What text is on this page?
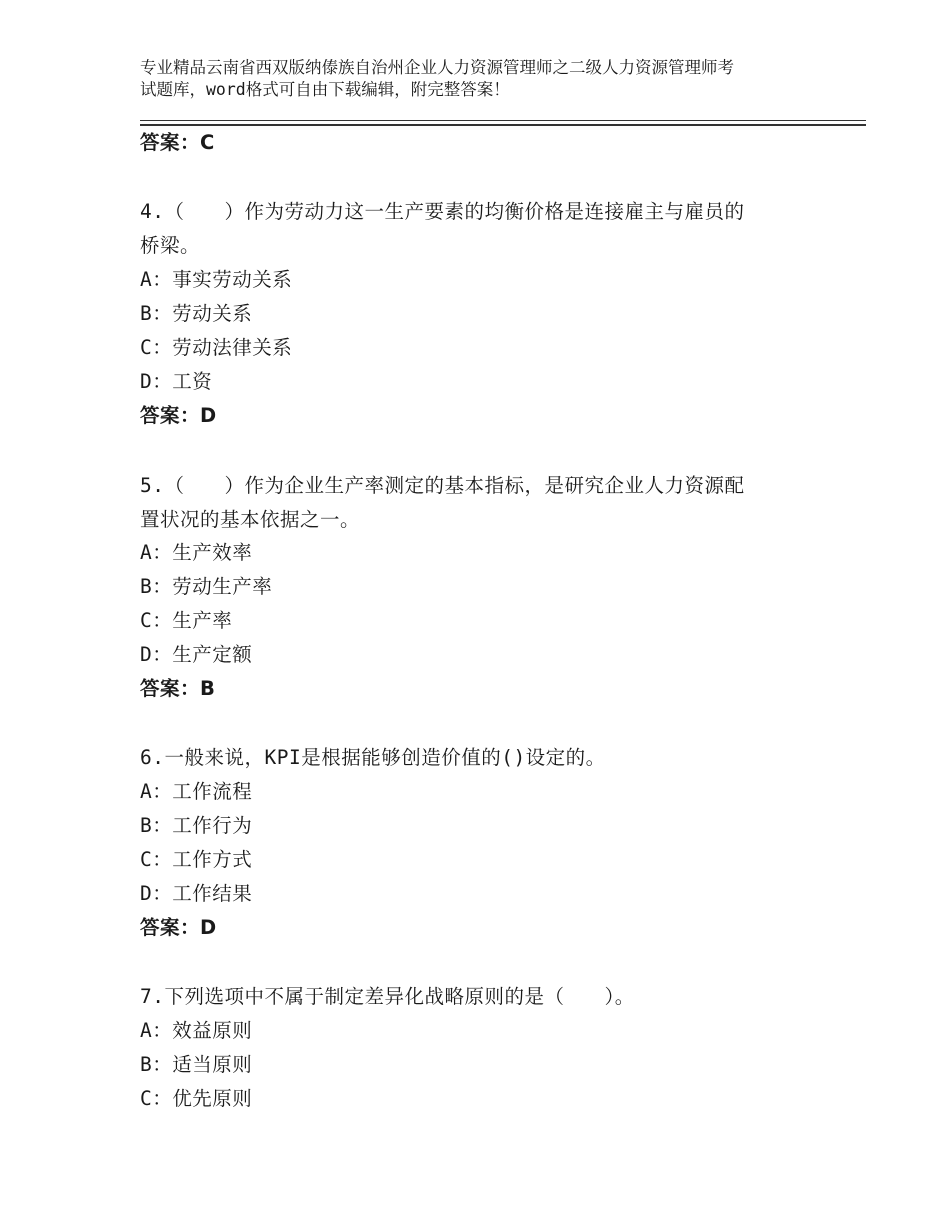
专业精品云南省西双版纳傣族自治州企业人力资源管理师之二级人力资源管理师考
试题库，word格式可自由下载编辑，附完整答案！
答案：C
4.（　　）作为劳动力这一生产要素的均衡价格是连接雇主与雇员的
桥梁。
A：事实劳动关系
B：劳动关系
C：劳动法律关系
D：工资
答案：D
5.（　　）作为企业生产率测定的基本指标，是研究企业人力资源配
置状况的基本依据之一。
A：生产效率
B：劳动生产率
C：生产率
D：生产定额
答案：B
6.一般来说，KPI是根据能够创造价值的()设定的。
A：工作流程
B：工作行为
C：工作方式
D：工作结果
答案：D
7.下列选项中不属于制定差异化战略原则的是（　　）。
A：效益原则
B：适当原则
C：优先原则
